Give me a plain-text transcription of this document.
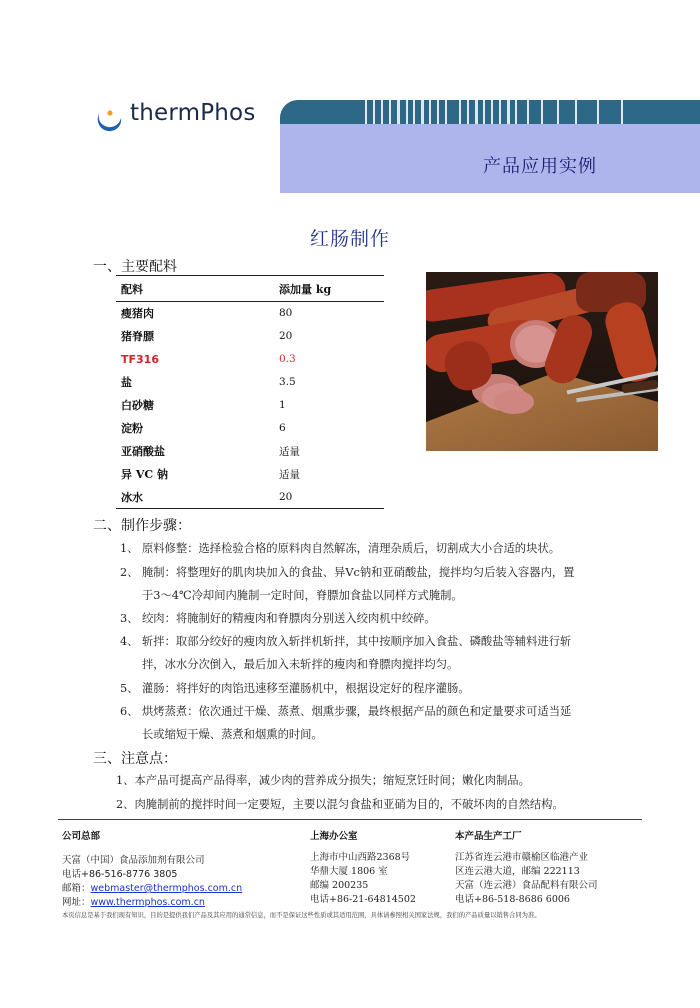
thermPhos
产品应用实例
红肠制作
一、主要配料
配料	添加量 kg
瘦猪肉	80
猪脊膘	20
TF316	0.3
盐	3.5
白砂糖	1
淀粉	6
亚硝酸盐	适量
异 VC 钠	适量
冰水	20
二、制作步骤：
1、 原料修整：选择检验合格的原料肉自然解冻，清理杂质后，切割成大小合适的块状。
2、 腌制：将整理好的肌肉块加入的食盐、异Vc钠和亚硝酸盐，搅拌均匀后装入容器内，置
于3～4℃冷却间内腌制一定时间，脊膘加食盐以同样方式腌制。
3、 绞肉：将腌制好的精瘦肉和脊膘肉分别送入绞肉机中绞碎。
4、 斩拌：取部分绞好的瘦肉放入斩拌机斩拌，其中按顺序加入食盐、磷酸盐等辅料进行斩
拌，冰水分次倒入，最后加入未斩拌的瘦肉和脊膘肉搅拌均匀。
5、 灌肠：将拌好的肉馅迅速移至灌肠机中，根据设定好的程序灌肠。
6、 烘烤蒸煮：依次通过干燥、蒸煮、烟熏步骤，最终根据产品的颜色和定量要求可适当延
长或缩短干燥、蒸煮和烟熏的时间。
三、注意点：
1、本产品可提高产品得率，减少肉的营养成分损失；缩短烹饪时间；嫩化肉制品。
2、肉腌制前的搅拌时间一定要短，主要以混匀食盐和亚硝为目的，不破坏肉的自然结构。
公司总部
天富（中国）食品添加剂有限公司
电话+86-516-8776 3805
邮箱：webmaster@thermphos.com.cn
网址：www.thermphos.com.cn
上海办公室
上海市中山西路2368号
华鼎大厦 1806 室
邮编 200235
电话+86-21-64814502
本产品生产工厂
江苏省连云港市赣榆区临港产业
区连云港大道，邮编 222113
天富（连云港）食品配料有限公司
电话+86-518-8686 6006
本页信息是基于我们现有知识，目的是提供我们产品及其应用的通常信息，而不是保证这些性质或其适用范围，具体请参照相关国家法规，我们的产品质量以销售合同为准。
